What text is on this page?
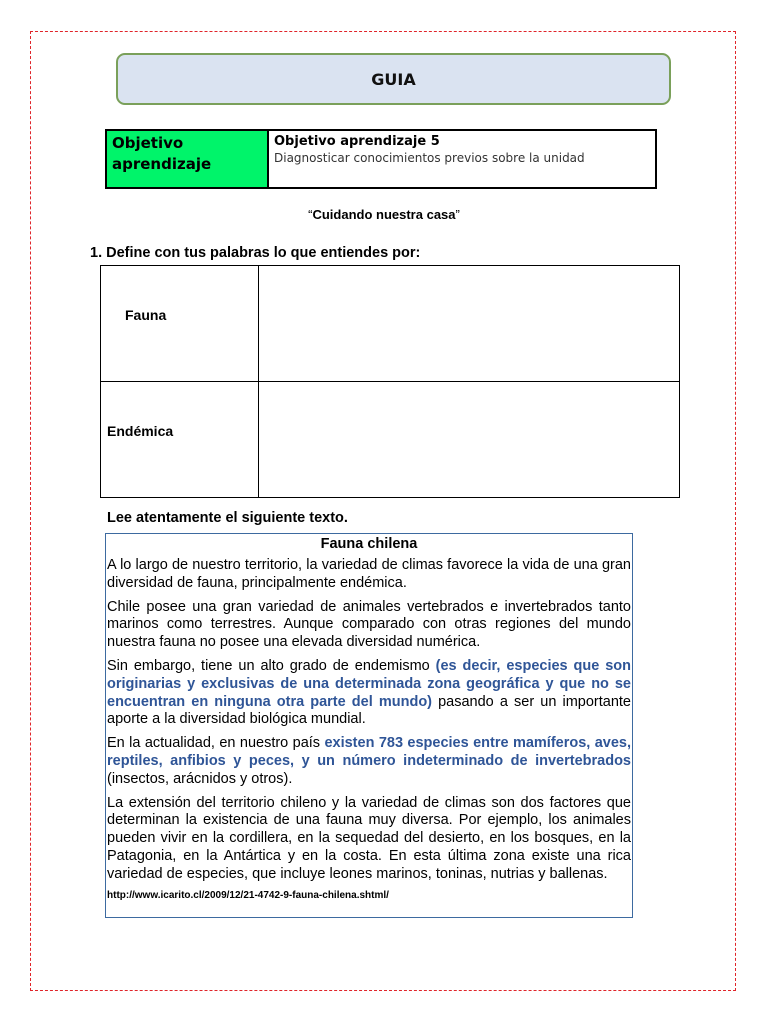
GUIA
Objetivo aprendizaje	
Objetivo aprendizaje 5
Diagnosticar conocimientos previos sobre la unidad
“Cuidando nuestra casa”
1. Define con tus palabras lo que entiendes por:
Fauna	
Endémica	
Lee atentamente el siguiente texto.
Fauna chilena

A lo largo de nuestro territorio, la variedad de climas favorece la vida de una gran diversidad de fauna, principalmente endémica.

Chile posee una gran variedad de animales vertebrados e invertebrados tanto marinos como terrestres. Aunque comparado con otras regiones del mundo nuestra fauna no posee una elevada diversidad numérica.

Sin embargo, tiene un alto grado de endemismo (es decir, especies que son originarias y exclusivas de una determinada zona geográfica y que no se encuentran en ninguna otra parte del mundo) pasando a ser un importante aporte a la diversidad biológica mundial.

En la actualidad, en nuestro país existen 783 especies entre mamíferos, aves, reptiles, anfibios y peces, y un número indeterminado de invertebrados (insectos, arácnidos y otros).

La extensión del territorio chileno y la variedad de climas son dos factores que determinan la existencia de una fauna muy diversa. Por ejemplo, los animales pueden vivir en la cordillera, en la sequedad del desierto, en los bosques, en la Patagonia, en la Antártica y en la costa. En esta última zona existe una rica variedad de especies, que incluye leones marinos, toninas, nutrias y ballenas.

http://www.icarito.cl/2009/12/21-4742-9-fauna-chilena.shtml/
